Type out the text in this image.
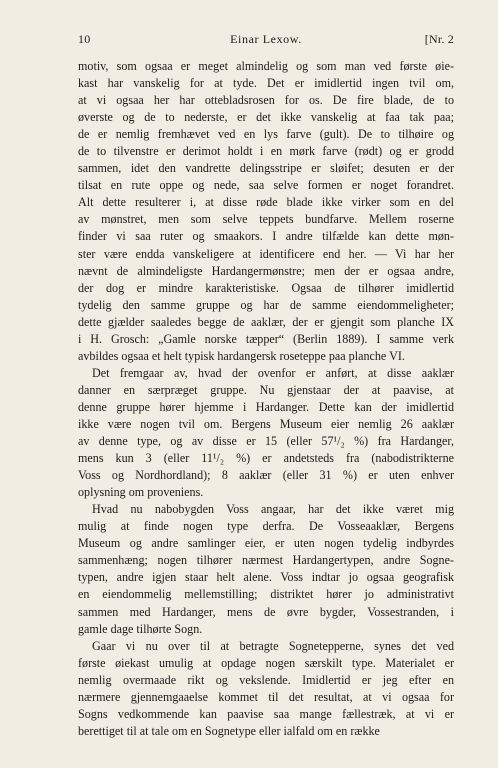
10	Einar Lexow.	[Nr. 2
motiv, som ogsaa er meget almindelig og som man ved første øie-
kast har vanskelig for at tyde. Det er imidlertid ingen tvil om,
at vi ogsaa her har ottebladsrosen for os. De fire blade, de to
øverste og de to nederste, er det ikke vanskelig at faa tak paa;
de er nemlig fremhævet ved en lys farve (gult). De to tilhøire og
de to tilvenstre er derimot holdt i en mørk farve (rødt) og er grodd
sammen, idet den vandrette delingsstripe er sløifet; desuten er der
tilsat en rute oppe og nede, saa selve formen er noget forandret.
Alt dette resulterer i, at disse røde blade ikke virker som en del
av mønstret, men som selve teppets bundfarve. Mellem roserne
finder vi saa ruter og smaakors. I andre tilfælde kan dette møn-
ster være endda vanskeligere at identificere end her. — Vi har her
nævnt de almindeligste Hardangermønstre; men der er ogsaa andre,
der dog er mindre karakteristiske. Ogsaa de tilhører imidlertid
tydelig den samme gruppe og har de samme eiendommeligheter;
dette gjælder saaledes begge de aaklær, der er gjengit som planche IX
i H. Grosch: „Gamle norske tæpper“ (Berlin 1889). I samme verk
avbildes ogsaa et helt typisk hardangersk roseteppe paa planche VI.
Det fremgaar av, hvad der ovenfor er anført, at disse aaklær
danner en særpræget gruppe. Nu gjenstaar der at paavise, at
denne gruppe hører hjemme i Hardanger. Dette kan der imidlertid
ikke være nogen tvil om. Bergens Museum eier nemlig 26 aaklær
av denne type, og av disse er 15 (eller 57¹/₂ %) fra Hardanger,
mens kun 3 (eller 11¹/₂ %) er andetsteds fra (nabodistrikterne
Voss og Nordhordland); 8 aaklær (eller 31 %) er uten enhver
oplysning om proveniens.
Hvad nu nabobygden Voss angaar, har det ikke været mig
mulig at finde nogen type derfra. De Vosseaaklær, Bergens
Museum og andre samlinger eier, er uten nogen tydelig indbyrdes
sammenhæng; nogen tilhører nærmest Hardangertypen, andre Sogne-
typen, andre igjen staar helt alene. Voss indtar jo ogsaa geografisk
en eiendommelig mellemstilling; distriktet hører jo administrativt
sammen med Hardanger, mens de øvre bygder, Vossestranden, i
gamle dage tilhørte Sogn.
Gaar vi nu over til at betragte Sognetepperne, synes det ved
første øiekast umulig at opdage nogen særskilt type. Materialet er
nemlig overmaade rikt og vekslende. Imidlertid er jeg efter en
nærmere gjennemgaaelse kommet til det resultat, at vi ogsaa for
Sogns vedkommende kan paavise saa mange fællestræk, at vi er
berettiget til at tale om en Sognetype eller ialfald om en række
